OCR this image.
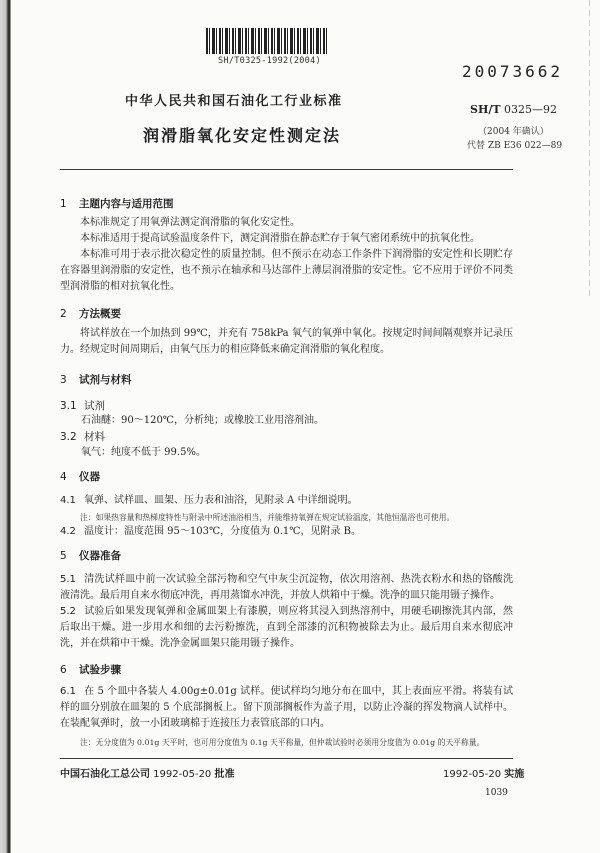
SH/T0325-1992(2004)
20073662
中华人民共和国石油化工行业标准
SH/T 0325—92
（2004 年确认）
代替 ZB E36 022—89
润滑脂氧化安定性测定法
1 主题内容与适用范围
本标准规定了用氧弹法测定润滑脂的氧化安定性。
本标准适用于提高试验温度条件下，测定润滑脂在静态贮存于氧气密闭系统中的抗氧化性。
本标准可用于表示批次稳定性的质量控制。但不预示在动态工作条件下润滑脂的安定性和长期贮存在容器里润滑脂的安定性，也不预示在轴承和马达部件上薄层润滑脂的安定性。它不应用于评价不同类型润滑脂的相对抗氧化性。
2 方法概要
将试样放在一个加热到 99℃，并充有 758kPa 氧气的氧弹中氧化。按规定时间间隔观察并记录压力。经规定时间周期后，由氧气压力的相应降低来确定润滑脂的氧化程度。
3 试剂与材料
3.1 试剂
石油醚：90～120℃，分析纯；或橡胶工业用溶剂油。
3.2 材料
氧气：纯度不低于 99.5%。
4 仪器
4.1 氧弹、试样皿、皿架、压力表和油浴，见附录 A 中详细说明。
注：如果热容量和热梯度特性与附录中所述油浴相当，并能维持氧弹在规定试验温度，其他恒温浴也可使用。
4.2 温度计：温度范围 95～103℃，分度值为 0.1℃，见附录 B。
5 仪器准备
5.1 清洗试样皿中前一次试验全部污物和空气中灰尘沉淀物，依次用溶剂、热洗衣粉水和热的铬酸洗液清洗。最后用自来水彻底冲洗，再用蒸馏水冲洗，并放人烘箱中干燥。洗净的皿只能用镊子操作。
5.2 试验后如果发现氧弹和金属皿架上有漆膜，则应将其浸入到热溶剂中，用硬毛刷擦洗其内部，然后取出干燥。进一步用水和细的去污粉擦洗，直到全部漆的沉积物被除去为止。最后用自来水彻底冲洗，并在烘箱中干燥。洗净金属皿架只能用镊子操作。
6 试验步骤
6.1 在 5 个皿中各装人 4.00g±0.01g 试样。使试样均匀地分布在皿中，其上表面应平滑。将装有试样的皿分别放在皿架的 5 个底部搁板上。留下顶部搁板作为盖子用，以防止冷凝的挥发物滴人试样中。在装配氧弹时，放一小团玻璃棉于连接压力表管底部的口内。
注：无分度值为 0.01g 天平时，也可用分度值为 0.1g 天平称量，但仲裁试验时必须用分度值为 0.01g 的天平称量。
中国石油化工总公司 1992-05-20 批准	1992-05-20 实施
1039
